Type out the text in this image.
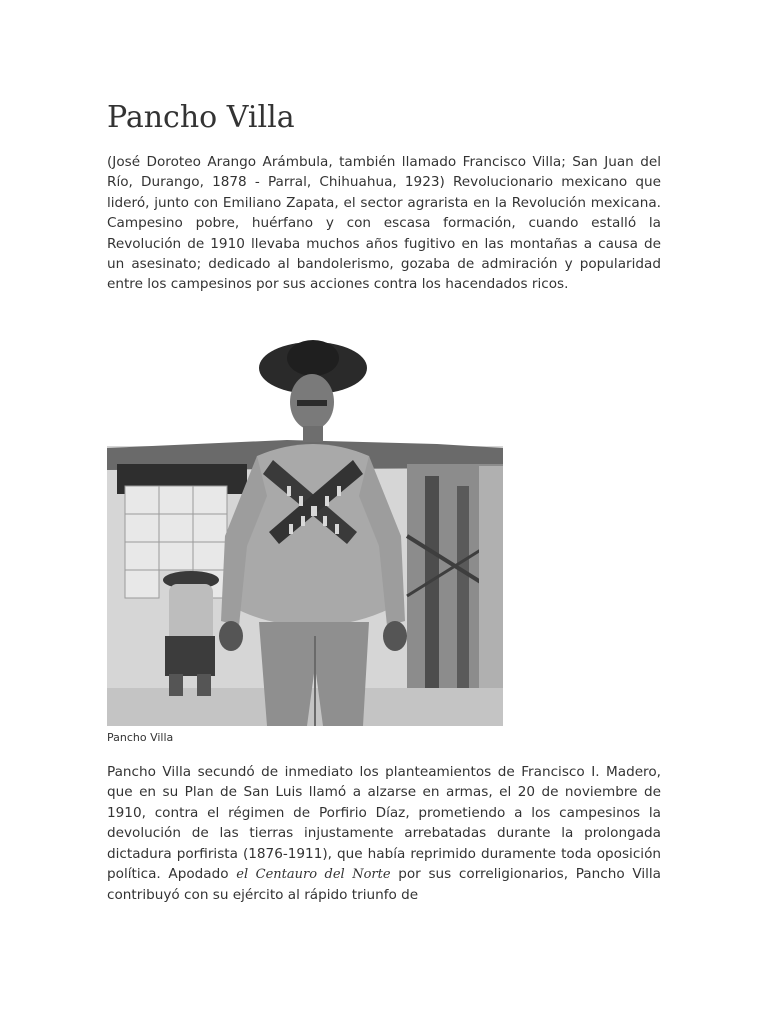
Pancho Villa

(José Doroteo Arango Arámbula, también llamado Francisco Villa; San Juan del Río, Durango, 1878 - Parral, Chihuahua, 1923) Revolucionario mexicano que lideró, junto con Emiliano Zapata, el sector agrarista en la Revolución mexicana. Campesino pobre, huérfano y con escasa formación, cuando estalló la Revolución de 1910 llevaba muchos años fugitivo en las montañas a causa de un asesinato; dedicado al bandolerismo, gozaba de admiración y popularidad entre los campesinos por sus acciones contra los hacendados ricos.

Pancho Villa

Pancho Villa secundó de inmediato los planteamientos de Francisco I. Madero, que en su Plan de San Luis llamó a alzarse en armas, el 20 de noviembre de 1910, contra el régimen de Porfirio Díaz, prometiendo a los campesinos la devolución de las tierras injustamente arrebatadas durante la prolongada dictadura porfirista (1876-1911), que había reprimido duramente toda oposición política. Apodado el Centauro del Norte por sus correligionarios, Pancho Villa contribuyó con su ejército al rápido triunfo de
